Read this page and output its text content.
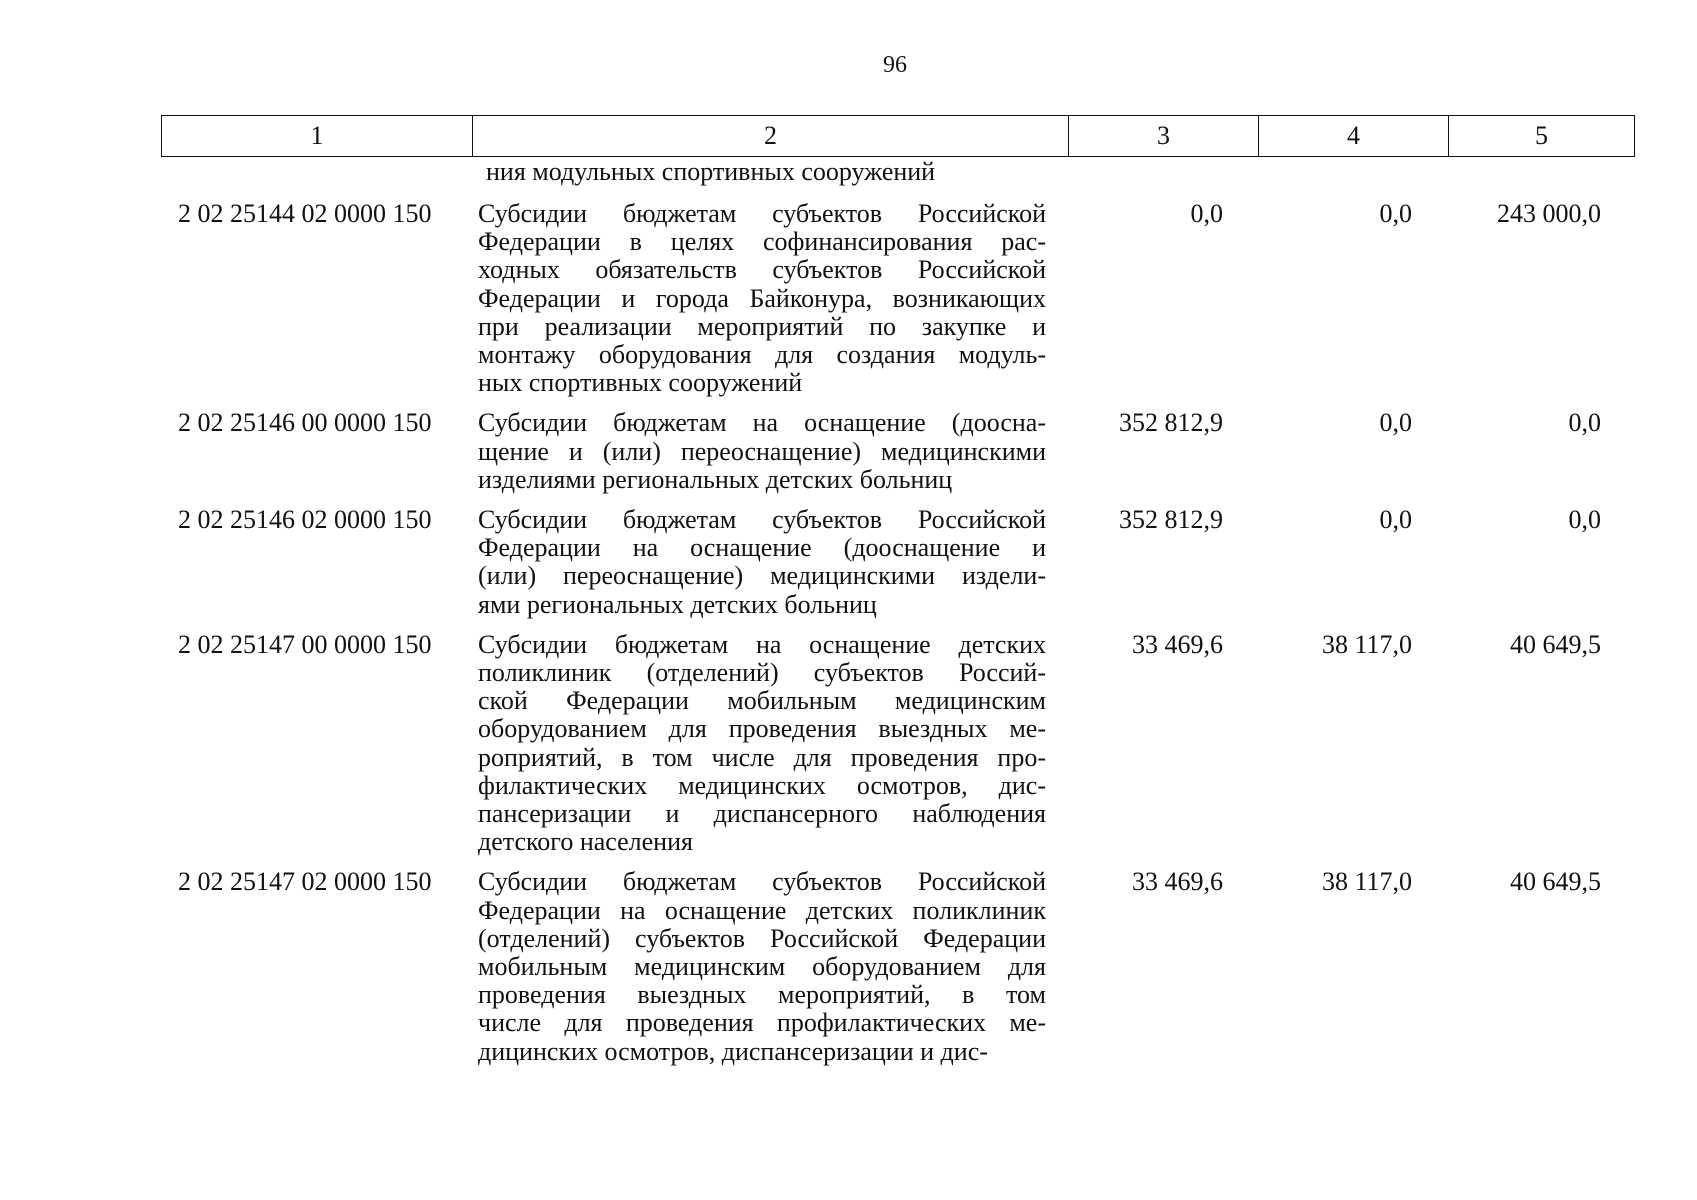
96
1	2	3	4	5
ния модульных спортивных сооружений
2 02 25144 02 0000 150	Субсидии бюджетам субъектов Российской
Федерации в целях софинансирования рас-
ходных обязательств субъектов Российской
Федерации и города Байконура, возникающих
при реализации мероприятий по закупке и
монтажу оборудования для создания модуль-
ных спортивных сооружений
0,0	0,0	243 000,0
2 02 25146 00 0000 150	Субсидии бюджетам на оснащение (доосна-
щение и (или) переоснащение) медицинскими
изделиями региональных детских больниц
352 812,9	0,0	0,0
2 02 25146 02 0000 150	Субсидии бюджетам субъектов Российской
Федерации на оснащение (дооснащение и
(или) переоснащение) медицинскими издели-
ями региональных детских больниц
352 812,9	0,0	0,0
2 02 25147 00 0000 150	Субсидии бюджетам на оснащение детских
поликлиник (отделений) субъектов Россий-
ской Федерации мобильным медицинским
оборудованием для проведения выездных ме-
роприятий, в том числе для проведения про-
филактических медицинских осмотров, дис-
пансеризации и диспансерного наблюдения
детского населения
33 469,6	38 117,0	40 649,5
2 02 25147 02 0000 150	Субсидии бюджетам субъектов Российской
Федерации на оснащение детских поликлиник
(отделений) субъектов Российской Федерации
мобильным медицинским оборудованием для
проведения выездных мероприятий, в том
числе для проведения профилактических ме-
дицинских осмотров, диспансеризации и дис-
33 469,6	38 117,0	40 649,5
